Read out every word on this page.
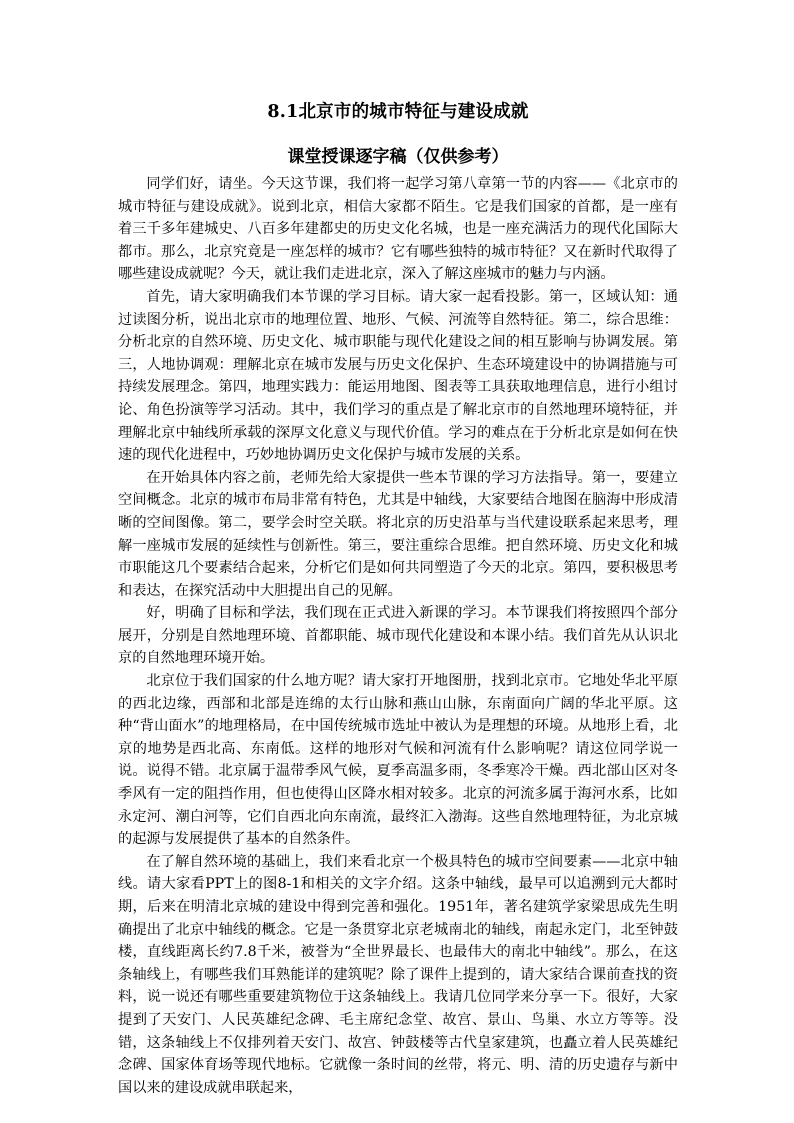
8.1北京市的城市特征与建设成就
课堂授课逐字稿（仅供参考）

同学们好，请坐。今天这节课，我们将一起学习第八章第一节的内容——《北京市的城市特征与建设成就》。说到北京，相信大家都不陌生。它是我们国家的首都，是一座有着三千多年建城史、八百多年建都史的历史文化名城，也是一座充满活力的现代化国际大都市。那么，北京究竟是一座怎样的城市？它有哪些独特的城市特征？又在新时代取得了哪些建设成就呢？今天，就让我们走进北京，深入了解这座城市的魅力与内涵。

首先，请大家明确我们本节课的学习目标。请大家一起看投影。第一，区域认知：通过读图分析，说出北京市的地理位置、地形、气候、河流等自然特征。第二，综合思维：分析北京的自然环境、历史文化、城市职能与现代化建设之间的相互影响与协调发展。第三，人地协调观：理解北京在城市发展与历史文化保护、生态环境建设中的协调措施与可持续发展理念。第四，地理实践力：能运用地图、图表等工具获取地理信息，进行小组讨论、角色扮演等学习活动。其中，我们学习的重点是了解北京市的自然地理环境特征，并理解北京中轴线所承载的深厚文化意义与现代价值。学习的难点在于分析北京是如何在快速的现代化进程中，巧妙地协调历史文化保护与城市发展的关系。

在开始具体内容之前，老师先给大家提供一些本节课的学习方法指导。第一，要建立空间概念。北京的城市布局非常有特色，尤其是中轴线，大家要结合地图在脑海中形成清晰的空间图像。第二，要学会时空关联。将北京的历史沿革与当代建设联系起来思考，理解一座城市发展的延续性与创新性。第三，要注重综合思维。把自然环境、历史文化和城市职能这几个要素结合起来，分析它们是如何共同塑造了今天的北京。第四，要积极思考和表达，在探究活动中大胆提出自己的见解。

好，明确了目标和学法，我们现在正式进入新课的学习。本节课我们将按照四个部分展开，分别是自然地理环境、首都职能、城市现代化建设和本课小结。我们首先从认识北京的自然地理环境开始。

北京位于我们国家的什么地方呢？请大家打开地图册，找到北京市。它地处华北平原的西北边缘，西部和北部是连绵的太行山脉和燕山山脉，东南面向广阔的华北平原。这种“背山面水”的地理格局，在中国传统城市选址中被认为是理想的环境。从地形上看，北京的地势是西北高、东南低。这样的地形对气候和河流有什么影响呢？请这位同学说一说。说得不错。北京属于温带季风气候，夏季高温多雨，冬季寒冷干燥。西北部山区对冬季风有一定的阻挡作用，但也使得山区降水相对较多。北京的河流多属于海河水系，比如永定河、潮白河等，它们自西北向东南流，最终汇入渤海。这些自然地理特征，为北京城的起源与发展提供了基本的自然条件。

在了解自然环境的基础上，我们来看北京一个极具特色的城市空间要素——北京中轴线。请大家看PPT上的图8-1和相关的文字介绍。这条中轴线，最早可以追溯到元大都时期，后来在明清北京城的建设中得到完善和强化。1951年，著名建筑学家梁思成先生明确提出了北京中轴线的概念。它是一条贯穿北京老城南北的轴线，南起永定门，北至钟鼓楼，直线距离长约7.8千米，被誉为“全世界最长、也最伟大的南北中轴线”。那么，在这条轴线上，有哪些我们耳熟能详的建筑呢？除了课件上提到的，请大家结合课前查找的资料，说一说还有哪些重要建筑物位于这条轴线上。我请几位同学来分享一下。很好，大家提到了天安门、人民英雄纪念碑、毛主席纪念堂、故宫、景山、鸟巢、水立方等等。没错，这条轴线上不仅排列着天安门、故宫、钟鼓楼等古代皇家建筑，也矗立着人民英雄纪念碑、国家体育场等现代地标。它就像一条时间的丝带，将元、明、清的历史遗存与新中国以来的建设成就串联起来，
